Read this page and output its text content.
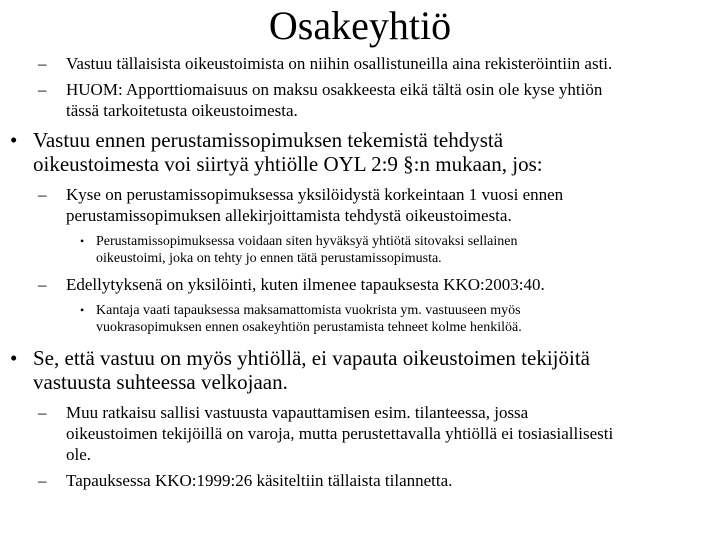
Osakeyhtiö
– Vastuu tällaisista oikeustoimista on niihin osallistuneilla aina rekisteröintiin asti.
– HUOM: Apporttiomaisuus on maksu osakkeesta eikä tältä osin ole kyse yhtiön
tässä tarkoitetusta oikeustoimesta.
• Vastuu ennen perustamissopimuksen tekemistä tehdystä
oikeustoimesta voi siirtyä yhtiölle OYL 2:9 §:n mukaan, jos:
– Kyse on perustamissopimuksessa yksilöidystä korkeintaan 1 vuosi ennen
perustamissopimuksen allekirjoittamista tehdystä oikeustoimesta.
• Perustamissopimuksessa voidaan siten hyväksyä yhtiötä sitovaksi sellainen
oikeustoimi, joka on tehty jo ennen tätä perustamissopimusta.
– Edellytyksenä on yksilöinti, kuten ilmenee tapauksesta KKO:2003:40.
• Kantaja vaati tapauksessa maksamattomista vuokrista ym. vastuuseen myös
vuokrasopimuksen ennen osakeyhtiön perustamista tehneet kolme henkilöä.
• Se, että vastuu on myös yhtiöllä, ei vapauta oikeustoimen tekijöitä
vastuusta suhteessa velkojaan.
– Muu ratkaisu sallisi vastuusta vapauttamisen esim. tilanteessa, jossa
oikeustoimen tekijöillä on varoja, mutta perustettavalla yhtiöllä ei tosiasiallisesti
ole.
– Tapauksessa KKO:1999:26 käsiteltiin tällaista tilannetta.
